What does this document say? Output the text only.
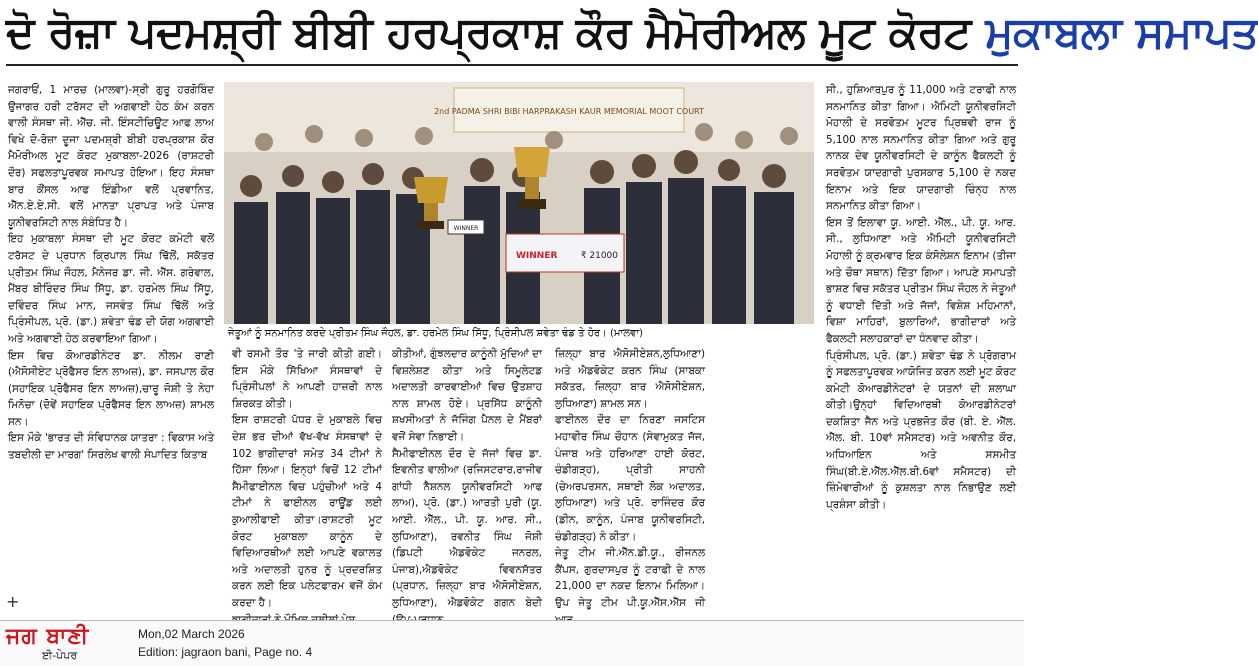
ਦੋ ਰੋਜ਼ਾ ਪਦਮਸ਼੍ਰੀ ਬੀਬੀ ਹਰਪ੍ਰਕਾਸ਼ ਕੌਰ ਮੈਮੋਰੀਅਲ ਮੂਟ ਕੋਰਟ ਮੁਕਾਬਲਾ ਸਮਾਪਤ

ਜਗਰਾਓਂ, 1 ਮਾਰਚ (ਮਾਲਵਾ)-ਸ੍ਰੀ ਗੁਰੂ ਹਰਗੋਬਿੰਦ ਉਜਾਗਰ ਹਰੀ ਟਰੱਸਟ ਦੀ ਅਗਵਾਈ ਹੇਠ ਕੰਮ ਕਰਨ ਵਾਲੀ ਸੰਸਥਾ ਜੀ. ਐੱਚ. ਜੀ. ਇੰਸਟੀਚਿਊਟ ਆਫ ਲਾਅ ਵਿਖੇ ਦੋ-ਰੋਜ਼ਾ ਦੂਜਾ ਪਦਮਸ਼੍ਰੀ ਬੀਬੀ ਹਰਪ੍ਰਕਾਸ਼ ਕੌਰ ਮੈਮੋਰੀਅਲ ਮੂਟ ਕੋਰਟ ਮੁਕਾਬਲਾ-2026 (ਰਾਸ਼ਟਰੀ ਦੌਰ) ਸਫਲਤਾਪੂਰਵਕ ਸਮਾਪਤ ਹੋਇਆ। ਇਹ ਸੰਸਥਾ ਬਾਰ ਕੌਂਸਲ ਆਫ ਇੰਡੀਆ ਵਲੋਂ ਪ੍ਰਵਾਨਿਤ, ਐੱਨ.ਏ.ਏ.ਸੀ. ਵਲੋਂ ਮਾਨਤਾ ਪ੍ਰਾਪਤ ਅਤੇ ਪੰਜਾਬ ਯੂਨੀਵਰਸਿਟੀ ਨਾਲ ਸੰਬੰਧਿਤ ਹੈ।

ਇਹ ਮੁਕਾਬਲਾ ਸੰਸਥਾ ਦੀ ਮੂਟ ਕੋਰਟ ਕਮੇਟੀ ਵਲੋਂ ਟਰੱਸਟ ਦੇ ਪ੍ਰਧਾਨ ਕ੍ਰਿਪਾਲ ਸਿੰਘ ਢਿੱਲੋਂ, ਸਕੱਤਰ ਪ੍ਰੀਤਮ ਸਿੰਘ ਜੌਹਲ, ਮੈਨੇਜਰ ਡਾ. ਜੀ. ਐੱਸ. ਗਰੇਵਾਲ, ਮੈਂਬਰ ਬੀਰਿੰਦਰ ਸਿੰਘ ਸਿੱਧੂ, ਡਾ. ਹਰਮੇਲ ਸਿੰਘ ਸਿੱਧੂ, ਦਵਿੰਦਰ ਸਿੰਘ ਮਾਨ, ਜਸਵੰਤ ਸਿੰਘ ਢਿੱਲੋਂ ਅਤੇ ਪ੍ਰਿੰਸੀਪਲ, ਪ੍ਰੋ. (ਡਾ.) ਸ਼ਵੇਤਾ ਢੰਡ ਦੀ ਯੋਗ ਅਗਵਾਈ ਅਤੇ ਅਗਵਾਈ ਹੇਠ ਕਰਵਾਇਆ ਗਿਆ।

ਇਸ ਵਿਚ ਕੋਆਰਡੀਨੇਟਰ ਡਾ. ਨੀਲਮ ਰਾਣੀ (ਐਸੋਸੀਏਟ ਪ੍ਰੋਫੈਸਰ ਇਨ ਲਾਅਜ਼), ਡਾ. ਜਸਪਾਲ ਕੌਰ (ਸਹਾਇਕ ਪ੍ਰੋਫੈਸਰ ਇਨ ਲਾਅਜ਼),ਚਾਰੂ ਜੋਸ਼ੀ ਤੇ ਨੇਹਾ ਮਿਨੋਚਾ (ਦੋਵੇਂ ਸਹਾਇਕ ਪ੍ਰੋਫੈਸਰ ਇਨ ਲਾਅਜ਼) ਸ਼ਾਮਲ ਸਨ।

ਇਸ ਮੌਕੇ 'ਭਾਰਤ ਦੀ ਸੰਵਿਧਾਨਕ ਯਾਤਰਾ : ਵਿਕਾਸ ਅਤੇ ਤਬਦੀਲੀ ਦਾ ਮਾਰਗ' ਸਿਰਲੇਖ ਵਾਲੀ ਸੰਪਾਦਿਤ ਕਿਤਾਬ

2nd PADMA SHRI BIBI HARPRAKASH KAUR MEMORIAL MOOT COURT
WINNER	₹ 21000
WINNER
ਜੇਤੂਆਂ ਨੂੰ ਸਨਮਾਨਿਤ ਕਰਦੇ ਪ੍ਰੀਤਮ ਸਿੰਘ ਜੌਹਲ, ਡਾ. ਹਰਮੇਲ ਸਿੰਘ ਸਿੱਧੂ, ਪ੍ਰਿੰਸੀਪਲ ਸ਼ਵੇਤਾ ਢੰਡ ਤੇ ਹੋਰ। (ਮਾਲਵਾ)

ਵੀ ਰਸਮੀ ਤੌਰ 'ਤੇ ਜਾਰੀ ਕੀਤੀ ਗਈ। ਇਸ ਮੌਕੇ ਸਿੱਖਿਆ ਸੰਸਥਾਵਾਂ ਦੇ ਪ੍ਰਿੰਸੀਪਲਾਂ ਨੇ ਆਪਣੀ ਹਾਜ਼ਰੀ ਨਾਲ ਸ਼ਿਰਕਤ ਕੀਤੀ।

ਇਸ ਰਾਸ਼ਟਰੀ ਪੱਧਰ ਦੇ ਮੁਕਾਬਲੇ ਵਿਚ ਦੇਸ਼ ਭਰ ਦੀਆਂ ਵੱਖ-ਵੱਖ ਸੰਸਥਾਵਾਂ ਦੇ 102 ਭਾਗੀਦਾਰਾਂ ਸਮੇਤ 34 ਟੀਮਾਂ ਨੇ ਹਿੱਸਾ ਲਿਆ। ਇਨ੍ਹਾਂ ਵਿਚੋਂ 12 ਟੀਮਾਂ ਸੈਮੀਫਾਈਨਲ ਵਿਚ ਪਹੁੰਚੀਆਂ ਅਤੇ 4 ਟੀਮਾਂ ਨੇ ਫਾਈਨਲ ਰਾਊਂਡ ਲਈ ਕੁਆਲੀਫਾਈ ਕੀਤਾ।ਰਾਸ਼ਟਰੀ ਮੂਟ ਕੋਰਟ ਮੁਕਾਬਲਾ ਕਾਨੂੰਨ ਦੇ ਵਿਦਿਆਰਥੀਆਂ ਲਈ ਆਪਣੇ ਵਕਾਲਤ ਅਤੇ ਅਦਾਲਤੀ ਹੁਨਰ ਨੂੰ ਪ੍ਰਦਰਸ਼ਿਤ ਕਰਨ ਲਈ ਇਕ ਪਲੇਟਫਾਰਮ ਵਜੋਂ ਕੰਮ ਕਰਦਾ ਹੈ।

ਕੀਤੀਆਂ, ਗੁੰਝਲਦਾਰ ਕਾਨੂੰਨੀ ਮੁੱਦਿਆਂ ਦਾ ਵਿਸ਼ਲੇਸ਼ਣ ਕੀਤਾ ਅਤੇ ਸਿਮੂਲੇਟਡ ਅਦਾਲਤੀ ਕਾਰਵਾਈਆਂ ਵਿਚ ਉਤਸ਼ਾਹ ਨਾਲ ਸ਼ਾਮਲ ਹੋਏ। ਪ੍ਰਸਿੱਧ ਕਾਨੂੰਨੀ ਸ਼ਖਸੀਅਤਾਂ ਨੇ ਜੱਜਿੰਗ ਪੈਨਲ ਦੇ ਮੈਂਬਰਾਂ ਵਜੋਂ ਸੇਵਾ ਨਿਭਾਈ।

ਸੈਮੀਫਾਈਨਲ ਦੌਰ ਦੇ ਜੱਜਾਂ ਵਿਚ ਡਾ. ਇਵਨੀਤ ਵਾਲੀਆ (ਰਜਿਸਟਰਾਰ,ਰਾਜੀਵ ਗਾਂਧੀ ਨੈਸ਼ਨਲ ਯੂਨੀਵਰਸਿਟੀ ਆਫ ਲਾਅ), ਪ੍ਰੋ. (ਡਾ.) ਆਰਤੀ ਪੁਰੀ (ਯੂ. ਆਈ. ਐੱਲ., ਪੀ. ਯੂ. ਆਰ. ਸੀ., ਲੁਧਿਆਣਾ), ਰਵਨੀਤ ਸਿੰਘ ਜੋਸ਼ੀ (ਡਿਪਟੀ ਐਡਵੋਕੇਟ ਜਨਰਲ, ਪੰਜਾਬ),ਐਡਵੋਕੇਟ ਵਿਵਨਸੱਤਰ (ਪ੍ਰਧਾਨ, ਜ਼ਿਲ੍ਹਾ ਬਾਰ ਐਸੋਸੀਏਸ਼ਨ, ਲੁਧਿਆਣਾ), ਐਡਵੋਕੇਟ ਗਗਨ ਬੇਦੀ

ਜ਼ਿਲ੍ਹਾ ਬਾਰ ਐਸੋਸੀਏਸ਼ਨ,ਲੁਧਿਆਣਾ) ਅਤੇ ਐਡਵੋਕੇਟ ਕਰਨ ਸਿੰਘ (ਸਾਬਕਾ ਸਕੱਤਰ, ਜ਼ਿਲ੍ਹਾ ਬਾਰ ਐਸੋਸੀਏਸ਼ਨ, ਲੁਧਿਆਣਾ) ਸ਼ਾਮਲ ਸਨ।

ਫਾਈਨਲ ਦੌਰ ਦਾ ਨਿਰਣਾ ਜਸਟਿਸ ਮਹਾਵੀਰ ਸਿੰਘ ਚੌਹਾਨ (ਸੇਵਾਮੁਕਤ ਜੱਜ, ਪੰਜਾਬ ਅਤੇ ਹਰਿਆਣਾ ਹਾਈ ਕੋਰਟ, ਚੰਡੀਗੜ੍ਹ), ਪ੍ਰੀਤੀ ਸਾਹਨੀ (ਚੇਅਰਪਰਸਨ, ਸਥਾਈ ਲੋਕ ਅਦਾਲਤ, ਲੁਧਿਆਣਾ) ਅਤੇ ਪ੍ਰੋ. ਰਾਜਿੰਦਰ ਕੌਰ (ਡੀਨ, ਕਾਨੂੰਨ, ਪੰਜਾਬ ਯੂਨੀਵਰਸਿਟੀ, ਚੰਡੀਗੜ੍ਹ) ਨੇ ਕੀਤਾ।

ਜੇਤੂ ਟੀਮ ਜੀ.ਐੱਨ.ਡੀ.ਯੂ., ਰੀਜਨਲ ਕੈਂਪਸ, ਗੁਰਦਾਸਪੁਰ ਨੂੰ ਟਰਾਫੀ ਦੇ ਨਾਲ 21,000 ਦਾ ਨਕਦ ਇਨਾਮ ਮਿਲਿਆ। ਉਪ ਜੇਤੂ ਟੀਮ ਪੀ.ਯੂ.ਐੱਸ.ਐੱਸ ਜੀ

ਸੀ., ਹੁਸ਼ਿਆਰਪੁਰ ਨੂੰ 11,000 ਅਤੇ ਟਰਾਫੀ ਨਾਲ ਸਨਮਾਨਿਤ ਕੀਤਾ ਗਿਆ। ਐਮਿਟੀ ਯੂਨੀਵਰਸਿਟੀ ਮੋਹਾਲੀ ਦੇ ਸਰਵੋਤਮ ਮੂਟਰ ਪ੍ਰਿਥਵੀ ਰਾਜ ਨੂੰ 5,100 ਨਾਲ ਸਨਮਾਨਿਤ ਕੀਤਾ ਗਿਆ ਅਤੇ ਗੁਰੂ ਨਾਨਕ ਦੇਵ ਯੂਨੀਵਰਸਿਟੀ ਦੇ ਕਾਨੂੰਨ ਫੈਕਲਟੀ ਨੂੰ ਸਰਵੋਤਮ ਯਾਦਗਾਰੀ ਪੁਰਸਕਾਰ 5,100 ਦੇ ਨਕਦ ਇਨਾਮ ਅਤੇ ਇਕ ਯਾਦਗਾਰੀ ਚਿੰਨ੍ਹ ਨਾਲ ਸਨਮਾਨਿਤ ਕੀਤਾ ਗਿਆ।

ਇਸ ਤੋਂ ਇਲਾਵਾ ਯੂ. ਆਈ. ਐੱਲ., ਪੀ. ਯੂ. ਆਰ. ਸੀ., ਲੁਧਿਆਣਾ ਅਤੇ ਐਮਿਟੀ ਯੂਨੀਵਰਸਿਟੀ ਮੋਹਾਲੀ ਨੂੰ ਕ੍ਰਮਵਾਰ ਇਕ ਕੰਸੋਲੇਸ਼ਨ ਇਨਾਮ (ਤੀਜਾ ਅਤੇ ਚੌਥਾ ਸਥਾਨ) ਦਿੱਤਾ ਗਿਆ। ਆਪਣੇ ਸਮਾਪਤੀ ਭਾਸ਼ਣ ਵਿਚ ਸਕੱਤਰ ਪ੍ਰੀਤਮ ਸਿੰਘ ਜੌਹਲ ਨੇ ਜੇਤੂਆਂ ਨੂੰ ਵਧਾਈ ਦਿੱਤੀ ਅਤੇ ਜੱਜਾਂ, ਵਿਸ਼ੇਸ਼ ਮਹਿਮਾਨਾਂ, ਵਿਸ਼ਾ ਮਾਹਿਰਾਂ, ਬੁਲਾਰਿਆਂ, ਭਾਗੀਦਾਰਾਂ ਅਤੇ ਫੈਕਲਟੀ ਸਲਾਹਕਾਰਾਂ ਦਾ ਧੰਨਵਾਦ ਕੀਤਾ।

ਪ੍ਰਿੰਸੀਪਲ, ਪ੍ਰੋ. (ਡਾ.) ਸ਼ਵੇਤਾ ਢੰਡ ਨੇ ਪ੍ਰੋਗਰਾਮ ਨੂੰ ਸਫਲਤਾਪੂਰਵਕ ਆਯੋਜਿਤ ਕਰਨ ਲਈ ਮੂਟ ਕੋਰਟ ਕਮੇਟੀ ਕੋਆਰਡੀਨੇਟਰਾਂ ਦੇ ਯਤਨਾਂ ਦੀ ਸ਼ਲਾਘਾ ਕੀਤੀ।ਉਨ੍ਹਾਂ ਵਿਦਿਆਰਥੀ ਕੋਆਰਡੀਨੇਟਰਾਂ ਦਕਸ਼ਿਤਾ ਜੈਨ ਅਤੇ ਪ੍ਰਭਜੋਤ ਕੌਰ (ਬੀ. ਏ. ਐੱਲ. ਐੱਲ. ਬੀ. 10ਵਾਂ ਸਮੈਸਟਰ) ਅਤੇ ਅਵਨੀਤ ਕੌਰ, ਅਧਿਆਇਨ ਅਤੇ ਸਸਮੀਤ ਸਿੰਘ(ਬੀ.ਏ.ਐੱਲ.ਐੱਲ.ਬੀ.6ਵਾਂ ਸਮੈਸਟਰ) ਦੀ ਜ਼ਿੰਮੇਵਾਰੀਆਂ ਨੂੰ ਕੁਸ਼ਲਤਾ ਨਾਲ ਨਿਭਾਉਣ ਲਈ ਪ੍ਰਸ਼ੰਸਾ ਕੀਤੀ।

+
ਜਗ ਬਾਣੀ
ਈ-ਪੇਪਰ
Mon,02 March 2026
Edition: jagraon bani, Page no. 4
